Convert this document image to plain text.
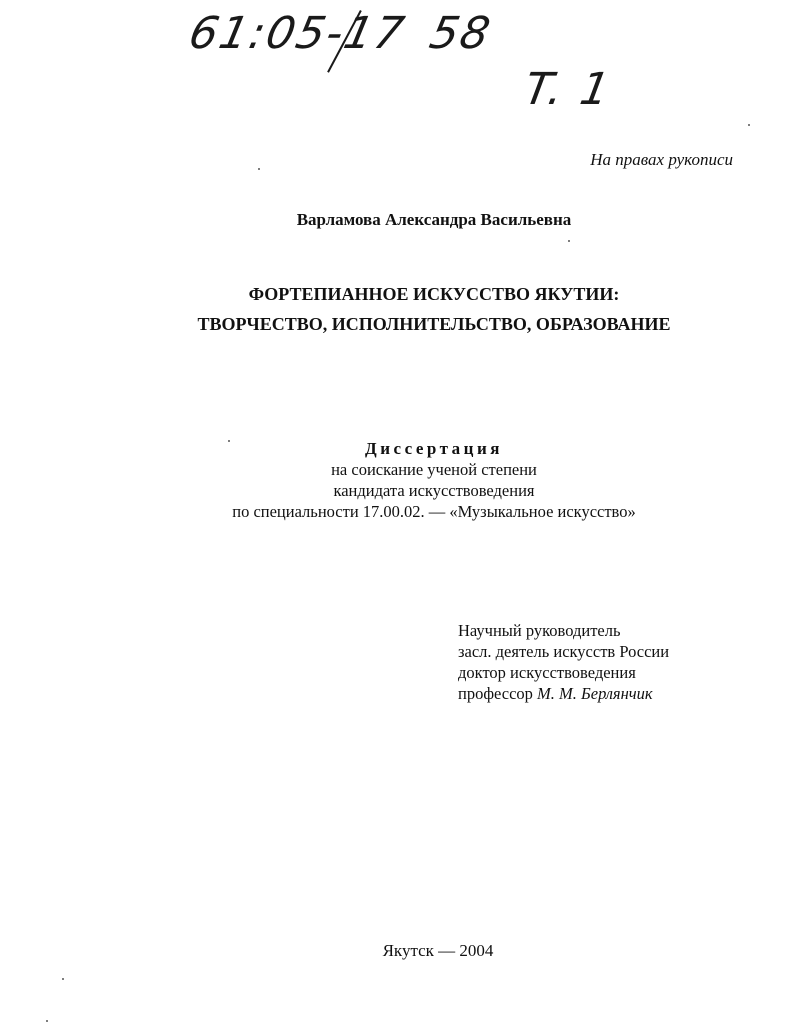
61:05-17 58
T. 1
На правах рукописи
Варламова Александра Васильевна
ФОРТЕПИАННОЕ ИСКУССТВО ЯКУТИИ:
ТВОРЧЕСТВО, ИСПОЛНИТЕЛЬСТВО, ОБРАЗОВАНИЕ
Диссертация
на соискание ученой степени
кандидата искусствоведения
по специальности 17.00.02. — «Музыкальное искусство»
Научный руководитель
засл. деятель искусств России
доктор искусствоведения
профессор М. М. Берлянчик
Якутск — 2004
